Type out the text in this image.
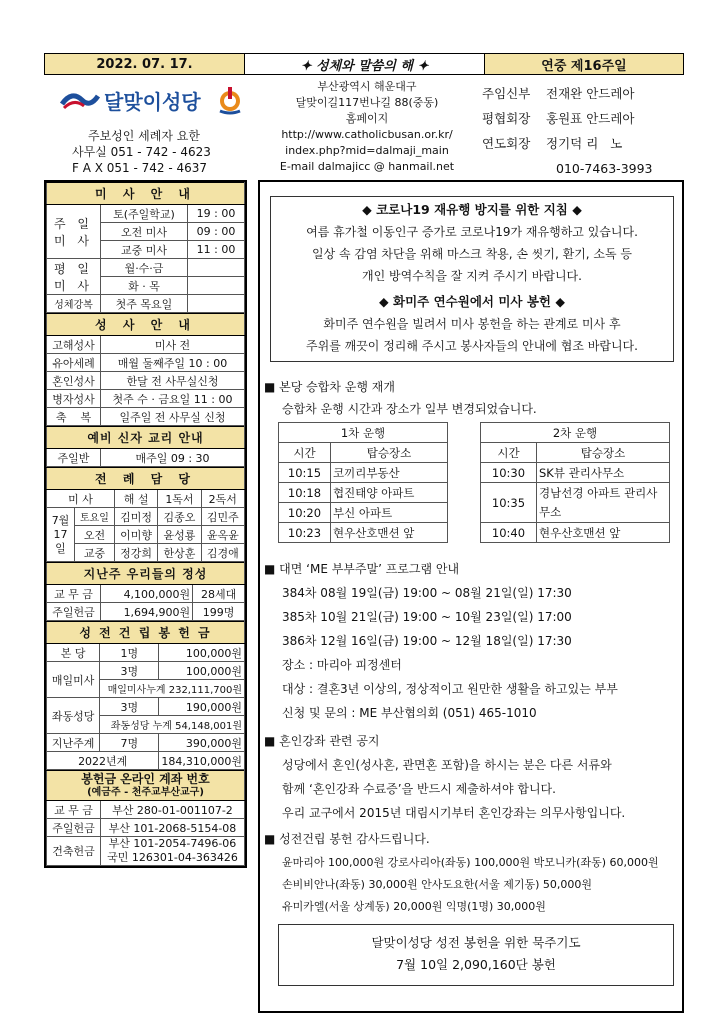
2022. 07. 17.	✦ 성체와 말씀의 해 ✦	연중 제16주일
달맞이성당
주보성인 세례자 요한
사무실 051 - 742 - 4623
F A X 051 - 742 - 4637
부산광역시 해운대구
달맞이길117번나길 88(중동)
홈페이지
http://www.catholicbusan.or.kr/
index.php?mid=dalmaji_main
E-mail dalmajicc @ hanmail.net
주임신부	전재완 안드레아
평협회장	홍원표 안드레아
연도회장	정기덕 리   노
010-7463-3993
미 사 안 내		
주 일 미 사	토(주일학교)	19 : 00
	오전 미사	09 : 00
	교중 미사	11 : 00
평 일 미 사	월·수·금	
	화 · 목	
성체강복	첫주 목요일	
성 사 안 내	
고해성사	미사 전
유아세례	매월 둘째주일 10 : 00
혼인성사	한달 전 사무실신청
병자성사	첫주 수 · 금요일 11 : 00
축    복	일주일 전 사무실 신청
예비 신자 교리 안내
주일반	매주일 09 : 30
전 례 담 당				
미 사		해 설	1독서	2독서
7월 17일	토요일	김미정	김종오	김민주
	오전	이미향	윤성룡	윤옥윤
	교중	정강희	한상훈	김경애
지난주 우리들의 정성		
교 무 금	4,100,000원	28세대
주일헌금	1,694,900원	199명
성 전 건 립 봉 헌 금		
본 당	1명	100,000원
매일미사	3명	100,000원
	매일미사누계 232,111,700원	
좌동성당	3명	190,000원
	좌동성당 누계 54,148,001원	
지난주계	7명	390,000원
2022년계		184,310,000원
봉헌금 온라인 계좌 번호
(예금주 - 천주교부산교구)	

교 무 금	부산 280-01-001107-2
주일헌금	부산 101-2068-5154-08
건축헌금	부산 101-2054-7496-06
국민 126301-04-363426
◆ 코로나19 재유행 방지를 위한 지침 ◆
여름 휴가철 이동인구 증가로 코로나19가 재유행하고 있습니다.
일상 속 감염 차단을 위해 마스크 착용, 손 씻기, 환기, 소독 등
개인 방역수칙을 잘 지켜 주시기 바랍니다.
◆ 화미주 연수원에서 미사 봉헌 ◆
화미주 연수원을 빌려서 미사 봉헌을 하는 관계로 미사 후
주위를 깨끗이 정리해 주시고 봉사자들의 안내에 협조 바랍니다.
■ 본당 승합차 운행 재개
승합차 운행 시간과 장소가 일부 변경되었습니다.
1차 운행	
시간	탑승장소
10:15	코끼리부동산
10:18	협진태양 아파트
10:20	부신 아파트
10:23	현우산호맨션 앞
2차 운행	
시간	탑승장소
10:30	SK뷰 관리사무소
10:35	경남선경 아파트 관리사무소
10:40	현우산호맨션 앞
■ 대면 ‘ME 부부주말’ 프로그램 안내
384차 08월 19일(금) 19:00 ~ 08월 21일(일) 17:30
385차 10월 21일(금) 19:00 ~ 10월 23일(일) 17:00
386차 12월 16일(금) 19:00 ~ 12월 18일(일) 17:30
장소 : 마리아 피정센터
대상 : 결혼3년 이상의, 정상적이고 원만한 생활을 하고있는 부부
신청 및 문의 : ME 부산협의회 (051) 465-1010
■ 혼인강좌 관련 공지
성당에서 혼인(성사혼, 관면혼 포함)을 하시는 분은 다른 서류와
함께 ‘혼인강좌 수료증’을 반드시 제출하셔야 합니다.
우리 교구에서 2015년 대림시기부터 혼인강좌는 의무사항입니다.
■ 성전건립 봉헌 감사드립니다.
윤마리아 100,000원 강로사리아(좌동) 100,000원 박모니카(좌동) 60,000원
손비비안나(좌동) 30,000원 안사도요한(서울 제기동) 50,000원
유미카엘(서울 상계동) 20,000원 익명(1명) 30,000원
달맞이성당 성전 봉헌을 위한 묵주기도
7월 10일 2,090,160단 봉헌
